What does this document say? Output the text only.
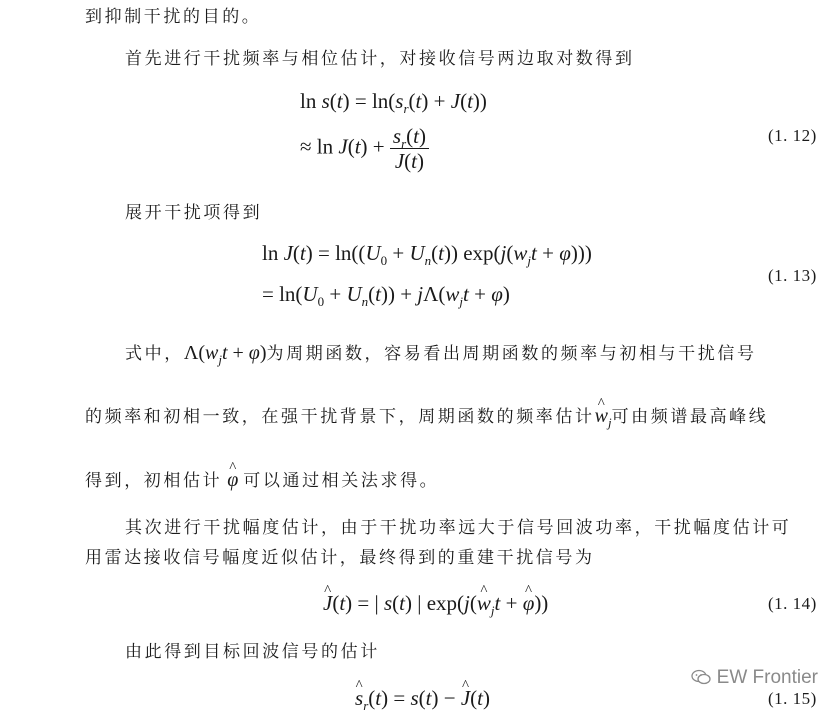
到抑制干扰的目的。
首先进行干扰频率与相位估计，对接收信号两边取对数得到
$\ln s(t) = \ln(s_r(t) + J(t))$
≈ $\ln J(t) + \frac{s_r(t)}{J(t)}$	(1. 12)
展开干扰项得到
$\ln J(t) = \ln((U_0 + U_n(t)) \exp(j(w_jt + \varphi)))$
= $\ln(U_0 + U_n(t)) + j\Lambda(w_jt + \varphi)$
(1. 13)
式中，$\Lambda(w_jt + \varphi)$为周期函数，容易看出周期函数的频率与初相与干扰信号
的频率和初相一致，在强干扰背景下，周期函数的频率估计^ $w_j$可由频谱最高峰线
得到，初相估计 ^ φ 可以通过相关法求得。
其次进行干扰幅度估计，由于干扰功率远大于信号回波功率，干扰幅度估计可
用雷达接收信号幅度近似估计，最终得到的重建干扰信号为
^ J(t) = | s(t) | exp(j(^ $w_jt$ + ^ φ))	(1. 14)
由此得到目标回波信号的估计
^ $s_r(t) = s(t)$ − ^ J(t)	(1. 15)
EW Frontier
